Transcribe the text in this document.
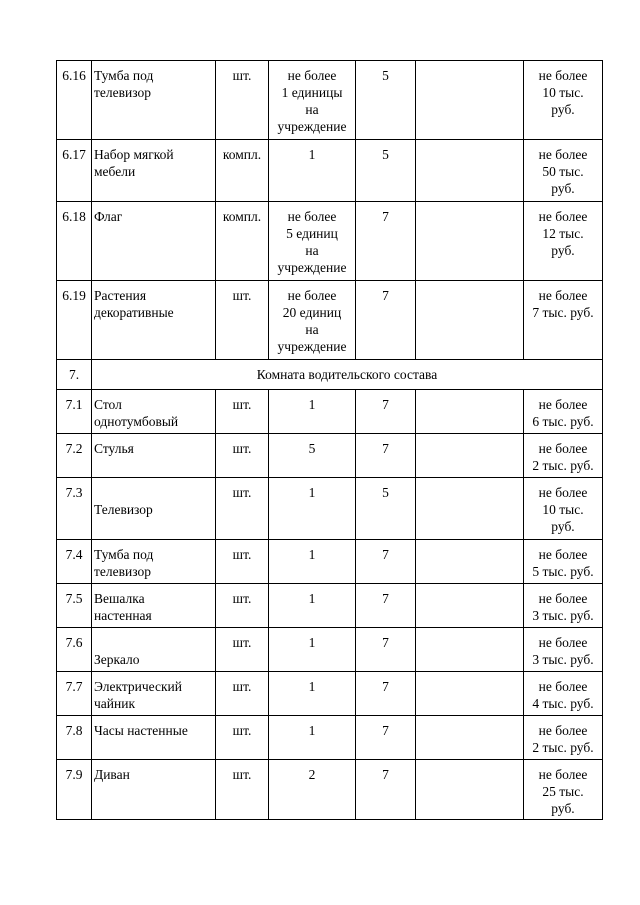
6.16	Тумба под
телевизор	шт.	не более
1 единицы
на
учреждение	5		не более
10 тыс.
руб.

6.17	Набор мягкой
мебели	компл.	1	5		не более
50 тыс.
руб.

6.18	Флаг	компл.	не более
5 единиц
на
учреждение	7		не более
12 тыс.
руб.

6.19	Растения
декоративные	шт.	не более
20 единиц
на
учреждение	7		не более
7 тыс. руб.

7.	Комната водительского состава					
7.1	Стол
однотумбовый	шт.	1	7		не более
6 тыс. руб.

7.2	Стулья	шт.	5	7		не более
2 тыс. руб.

7.3	Телевизор	шт.	1	5		не более
10 тыс.
руб.

7.4	Тумба под
телевизор	шт.	1	7		не более
5 тыс. руб.

7.5	Вешалка
настенная	шт.	1	7		не более
3 тыс. руб.

7.6	Зеркало	шт.	1	7		не более
3 тыс. руб.

7.7	Электрический
чайник	шт.	1	7		не более
4 тыс. руб.

7.8	Часы настенные	шт.	1	7		не более
2 тыс. руб.

7.9	Диван	шт.	2	7		не более
25 тыс.
руб.
